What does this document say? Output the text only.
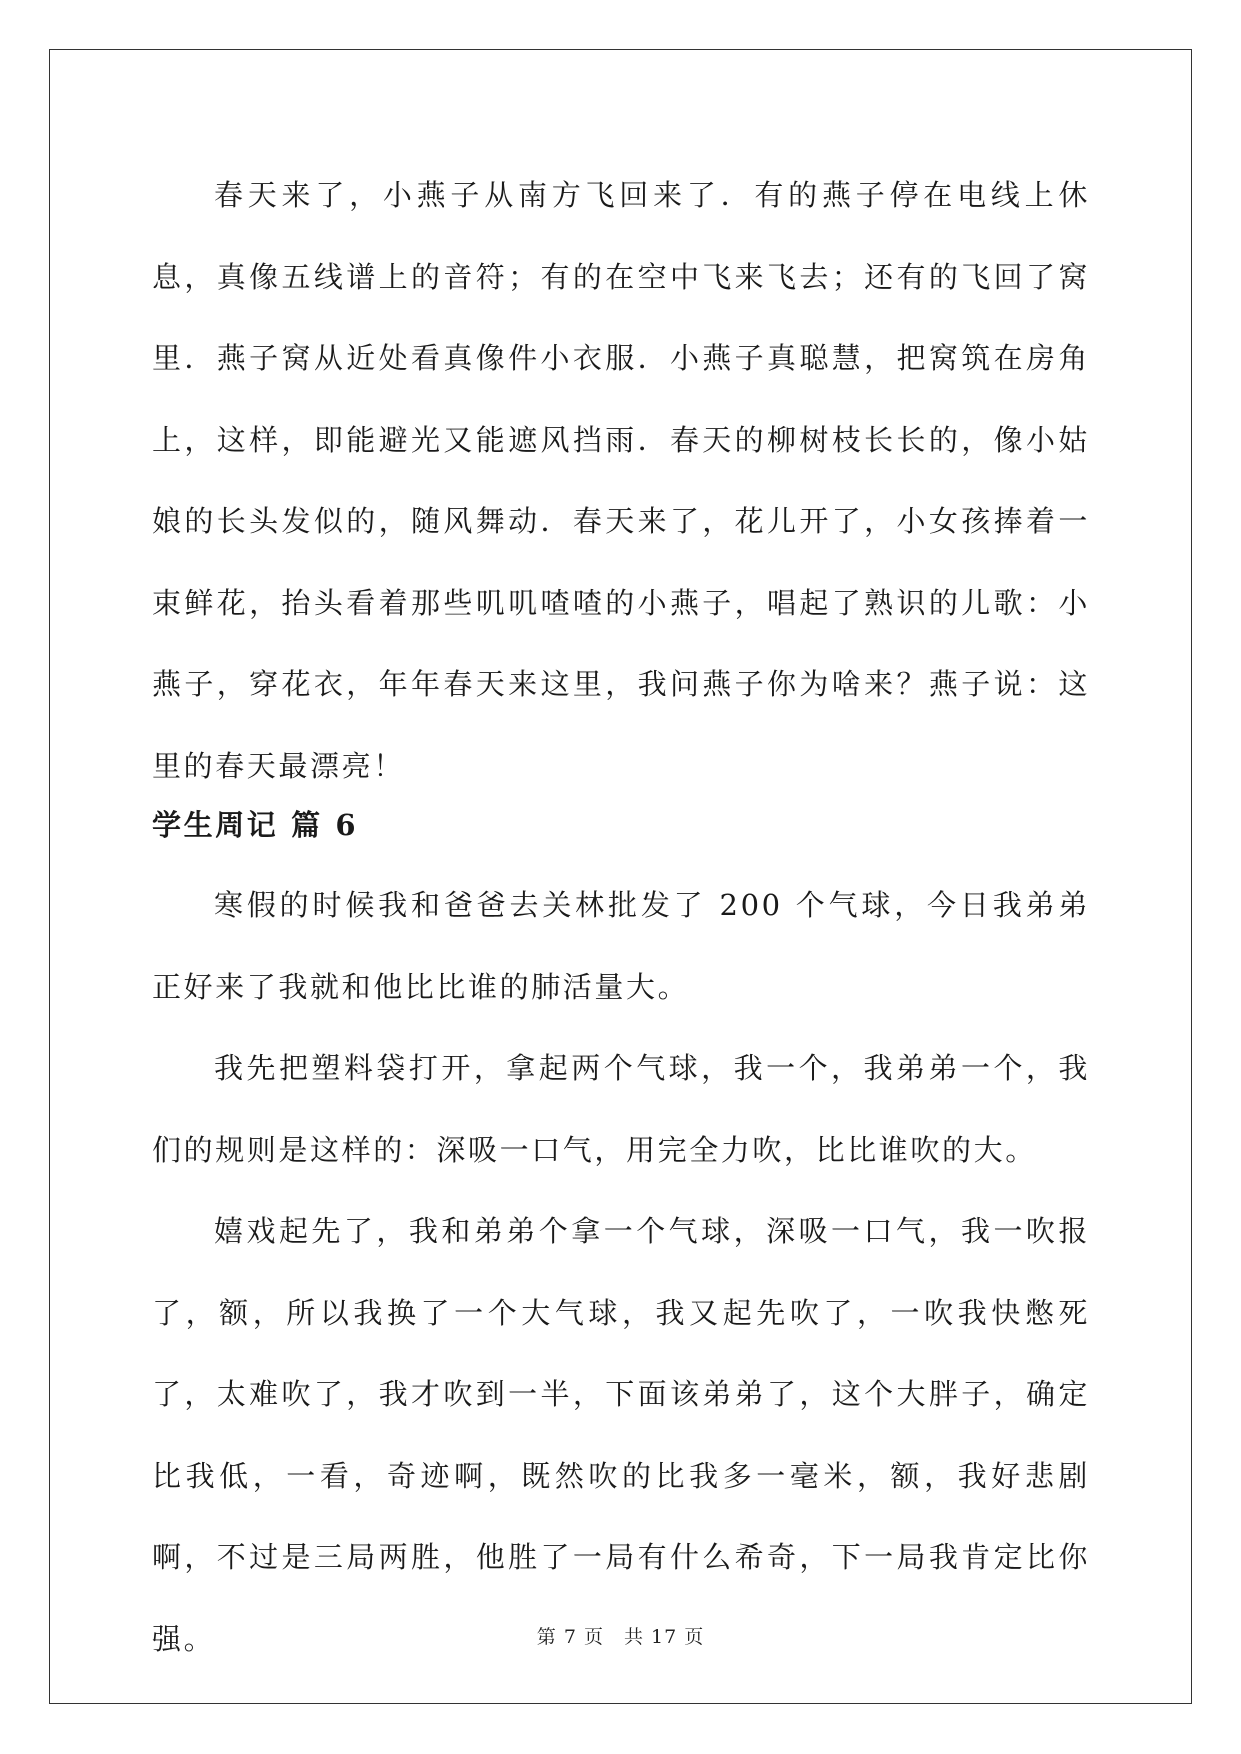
春天来了，小燕子从南方飞回来了．有的燕子停在电线上休息，真像五线谱上的音符；有的在空中飞来飞去；还有的飞回了窝里．燕子窝从近处看真像件小衣服．小燕子真聪慧，把窝筑在房角上，这样，即能避光又能遮风挡雨．春天的柳树枝长长的，像小姑娘的长头发似的，随风舞动．春天来了，花儿开了，小女孩捧着一束鲜花，抬头看着那些叽叽喳喳的小燕子，唱起了熟识的儿歌：小燕子，穿花衣，年年春天来这里，我问燕子你为啥来？燕子说：这里的春天最漂亮！

学生周记 篇 6

寒假的时候我和爸爸去关林批发了 200 个气球，今日我弟弟正好来了我就和他比比谁的肺活量大。

我先把塑料袋打开，拿起两个气球，我一个，我弟弟一个，我们的规则是这样的：深吸一口气，用完全力吹，比比谁吹的大。

嬉戏起先了，我和弟弟个拿一个气球，深吸一口气，我一吹报了，额，所以我换了一个大气球，我又起先吹了，一吹我快憋死了，太难吹了，我才吹到一半，下面该弟弟了，这个大胖子，确定比我低，一看，奇迹啊，既然吹的比我多一毫米，额，我好悲剧啊，不过是三局两胜，他胜了一局有什么希奇，下一局我肯定比你强。	第 7 页 共 17 页
